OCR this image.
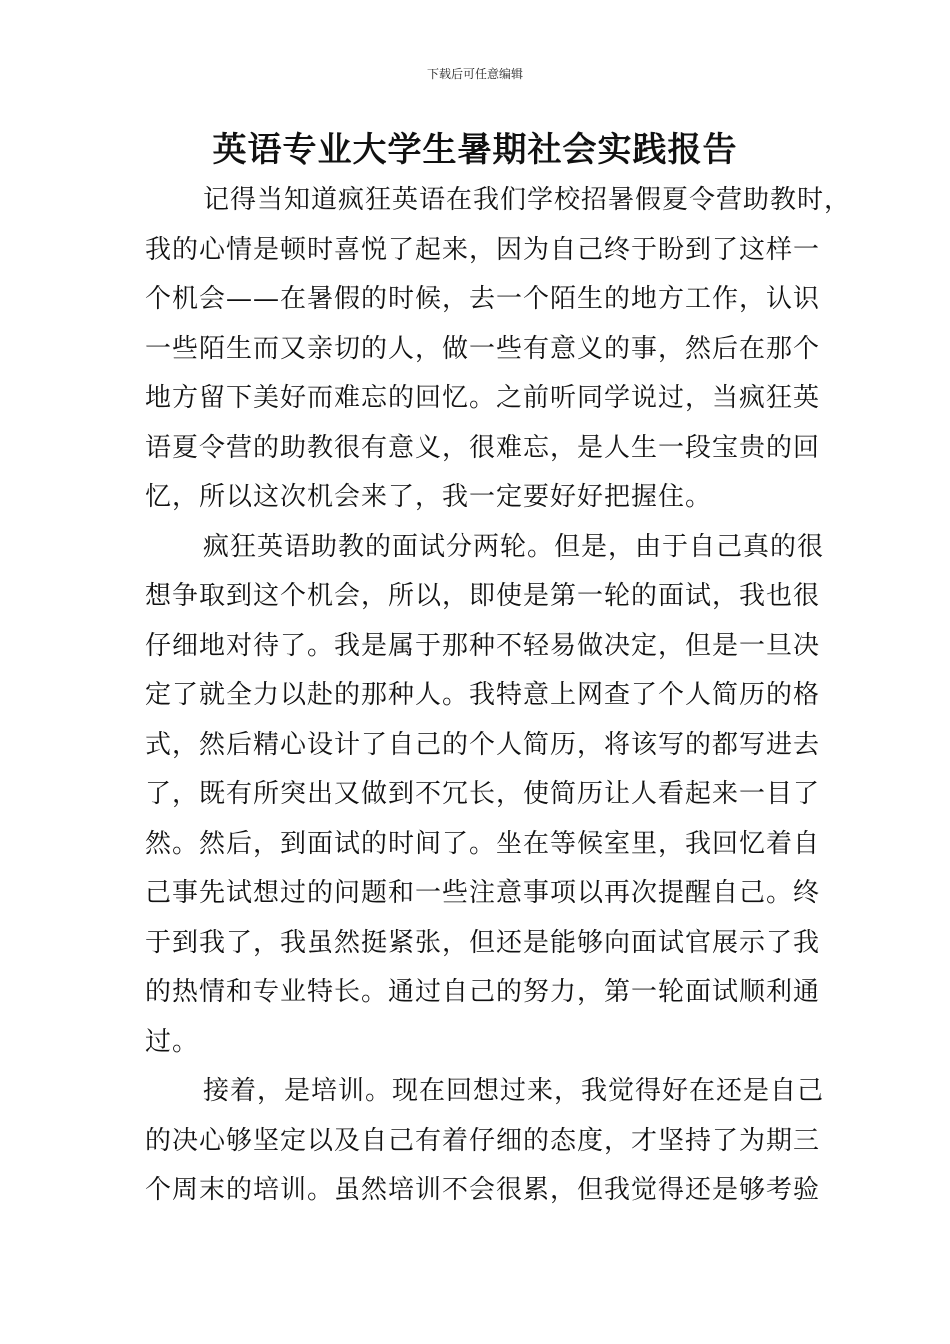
下载后可任意编辑
英语专业大学生暑期社会实践报告
记得当知道疯狂英语在我们学校招暑假夏令营助教时，
我的心情是顿时喜悦了起来，因为自己终于盼到了这样一
个机会——在暑假的时候，去一个陌生的地方工作，认识
一些陌生而又亲切的人，做一些有意义的事，然后在那个
地方留下美好而难忘的回忆。之前听同学说过，当疯狂英
语夏令营的助教很有意义，很难忘，是人生一段宝贵的回
忆，所以这次机会来了，我一定要好好把握住。
疯狂英语助教的面试分两轮。但是，由于自己真的很
想争取到这个机会，所以，即使是第一轮的面试，我也很
仔细地对待了。我是属于那种不轻易做决定，但是一旦决
定了就全力以赴的那种人。我特意上网查了个人简历的格
式，然后精心设计了自己的个人简历，将该写的都写进去
了，既有所突出又做到不冗长，使简历让人看起来一目了
然。然后，到面试的时间了。坐在等候室里，我回忆着自
己事先试想过的问题和一些注意事项以再次提醒自己。终
于到我了，我虽然挺紧张，但还是能够向面试官展示了我
的热情和专业特长。通过自己的努力，第一轮面试顺利通
过。
接着，是培训。现在回想过来，我觉得好在还是自己
的决心够坚定以及自己有着仔细的态度，才坚持了为期三
个周末的培训。虽然培训不会很累，但我觉得还是够考验
